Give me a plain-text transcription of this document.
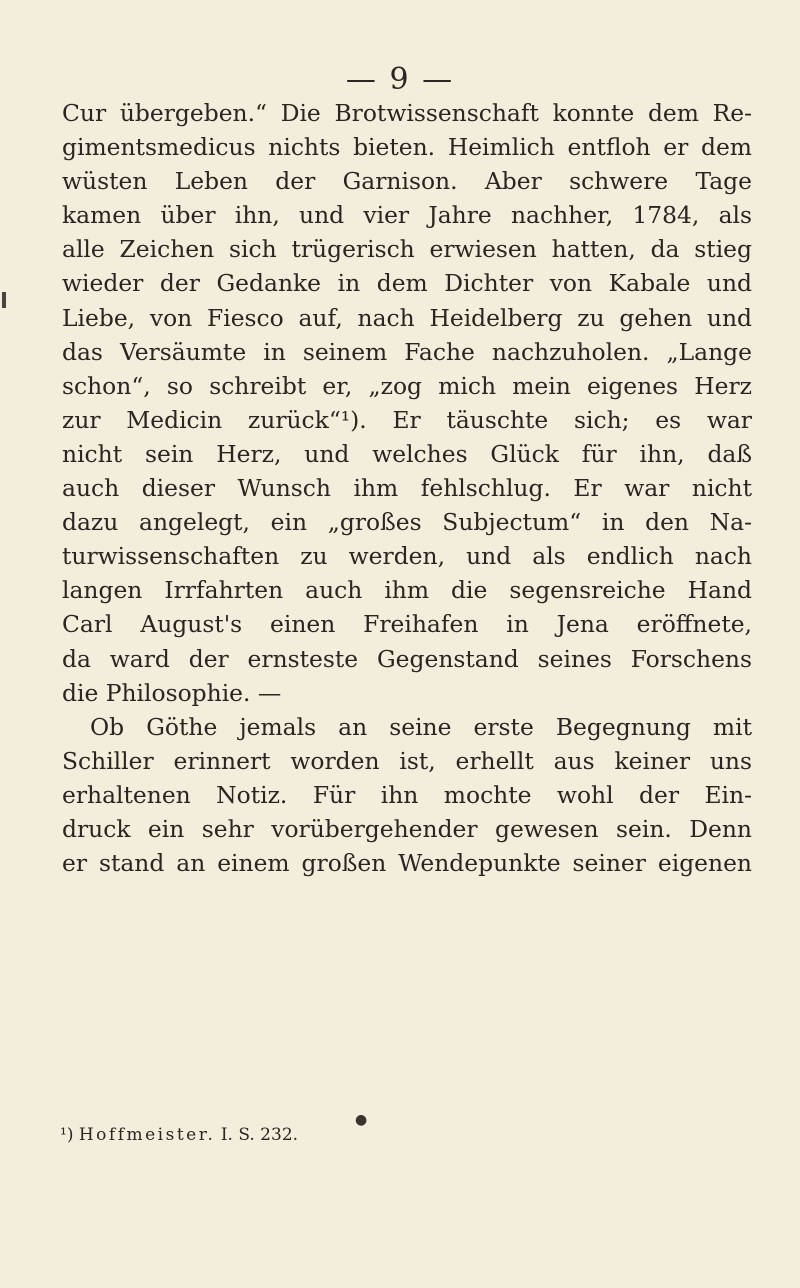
— 9 —
Cur übergeben.“ Die Brotwissenschaft konnte dem Re-
gimentsmedicus nichts bieten. Heimlich entfloh er dem
wüsten Leben der Garnison. Aber schwere Tage
kamen über ihn, und vier Jahre nachher, 1784, als
alle Zeichen sich trügerisch erwiesen hatten, da stieg
wieder der Gedanke in dem Dichter von Kabale und
Liebe, von Fiesco auf, nach Heidelberg zu gehen und
das Versäumte in seinem Fache nachzuholen. „Lange
schon“, so schreibt er, „zog mich mein eigenes Herz
zur Medicin zurück“¹). Er täuschte sich; es war
nicht sein Herz, und welches Glück für ihn, daß
auch dieser Wunsch ihm fehlschlug. Er war nicht
dazu angelegt, ein „großes Subjectum“ in den Na-
turwissenschaften zu werden, und als endlich nach
langen Irrfahrten auch ihm die segensreiche Hand
Carl August's einen Freihafen in Jena eröffnete,
da ward der ernsteste Gegenstand seines Forschens
die Philosophie. —
Ob Göthe jemals an seine erste Begegnung mit
Schiller erinnert worden ist, erhellt aus keiner uns
erhaltenen Notiz. Für ihn mochte wohl der Ein-
druck ein sehr vorübergehender gewesen sein. Denn
er stand an einem großen Wendepunkte seiner eigenen
●
¹) Hoffmeister. I. S. 232.
